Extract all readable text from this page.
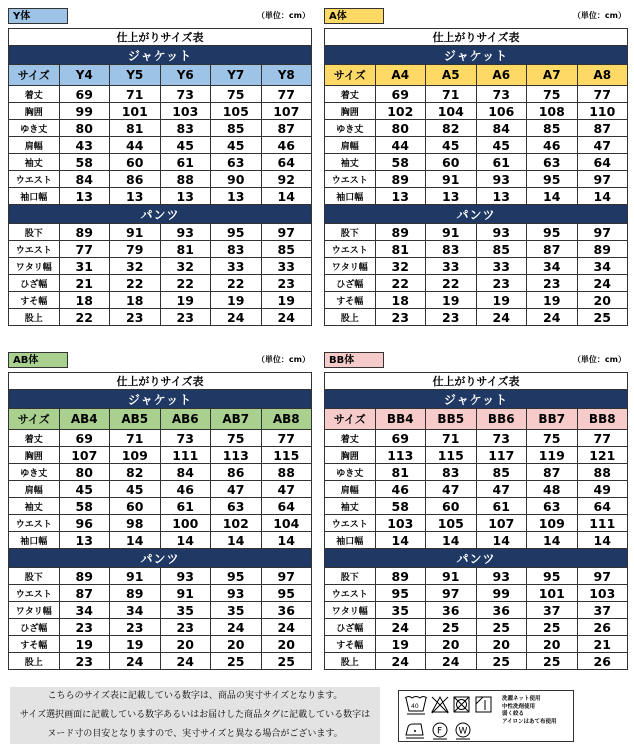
Y体	（単位：cm）
仕上がりサイズ表					
ジャケット					
サイズ	Y4	Y5	Y6	Y7	Y8
着丈	69	71	73	75	77
胸囲	99	101	103	105	107
ゆき丈	80	81	83	85	87
肩幅	43	44	45	45	46
袖丈	58	60	61	63	64
ウエスト	84	86	88	90	92
袖口幅	13	13	13	13	14
パンツ					
股下	89	91	93	95	97
ウエスト	77	79	81	83	85
ワタリ幅	31	32	32	33	33
ひざ幅	21	22	22	22	23
すそ幅	18	18	19	19	19
股上	22	23	23	24	24
A体	（単位：cm）
仕上がりサイズ表					
ジャケット					
サイズ	A4	A5	A6	A7	A8
着丈	69	71	73	75	77
胸囲	102	104	106	108	110
ゆき丈	80	82	84	85	87
肩幅	44	45	45	46	47
袖丈	58	60	61	63	64
ウエスト	89	91	93	95	97
袖口幅	13	13	13	14	14
パンツ					
股下	89	91	93	95	97
ウエスト	81	83	85	87	89
ワタリ幅	32	33	33	34	34
ひざ幅	22	22	23	23	24
すそ幅	18	19	19	19	20
股上	23	23	24	24	25
AB体	（単位：cm）
仕上がりサイズ表					
ジャケット					
サイズ	AB4	AB5	AB6	AB7	AB8
着丈	69	71	73	75	77
胸囲	107	109	111	113	115
ゆき丈	80	82	84	86	88
肩幅	45	45	46	47	47
袖丈	58	60	61	63	64
ウエスト	96	98	100	102	104
袖口幅	13	14	14	14	14
パンツ					
股下	89	91	93	95	97
ウエスト	87	89	91	93	95
ワタリ幅	34	34	35	35	36
ひざ幅	23	23	23	24	24
すそ幅	19	19	20	20	20
股上	23	24	24	25	25
BB体	（単位：cm）
仕上がりサイズ表					
ジャケット					
サイズ	BB4	BB5	BB6	BB7	BB8
着丈	69	71	73	75	77
胸囲	113	115	117	119	121
ゆき丈	81	83	85	87	88
肩幅	46	47	47	48	49
袖丈	58	60	61	63	64
ウエスト	103	105	107	109	111
袖口幅	14	14	14	14	14
パンツ					
股下	89	91	93	95	97
ウエスト	95	97	99	101	103
ワタリ幅	35	36	36	37	37
ひざ幅	24	25	25	25	26
すそ幅	19	20	20	20	21
股上	24	24	25	25	26

こちらのサイズ表に記載している数字は、商品の実寸サイズとなります。

サイズ選択画面に記載している数字あるいはお届けした商品タグに記載している数字は

ヌード寸の目安となりますので、実寸サイズと異なる場合がございます。

40
F W
洗濯ネット使用
中性洗剤使用
弱く絞る
アイロンはあて布使用
